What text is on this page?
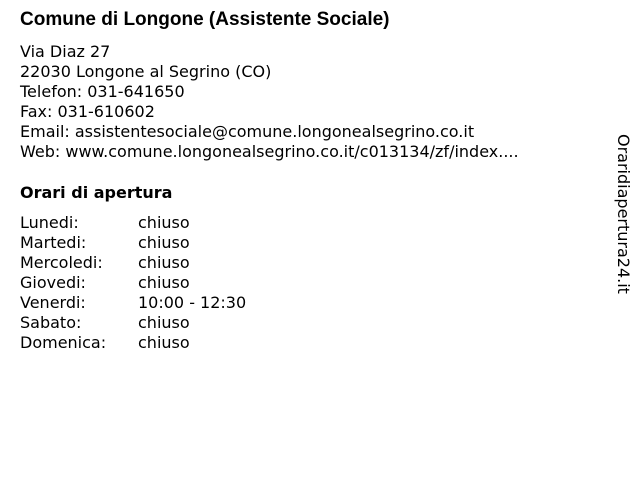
Comune di Longone (Assistente Sociale)
Via Diaz 27
22030 Longone al Segrino (CO)
Telefon: 031-641650
Fax: 031-610602
Email: assistentesociale@comune.longonealsegrino.co.it
Web: www.comune.longonealsegrino.co.it/c013134/zf/index....
Orari di apertura
Lunedi:	chiuso
Martedi:	chiuso
Mercoledi: chiuso
Giovedi:	chiuso
Venerdi:	10:00 - 12:30
Sabato:	chiuso
Domenica: chiuso
Oraridiapertura24.it
